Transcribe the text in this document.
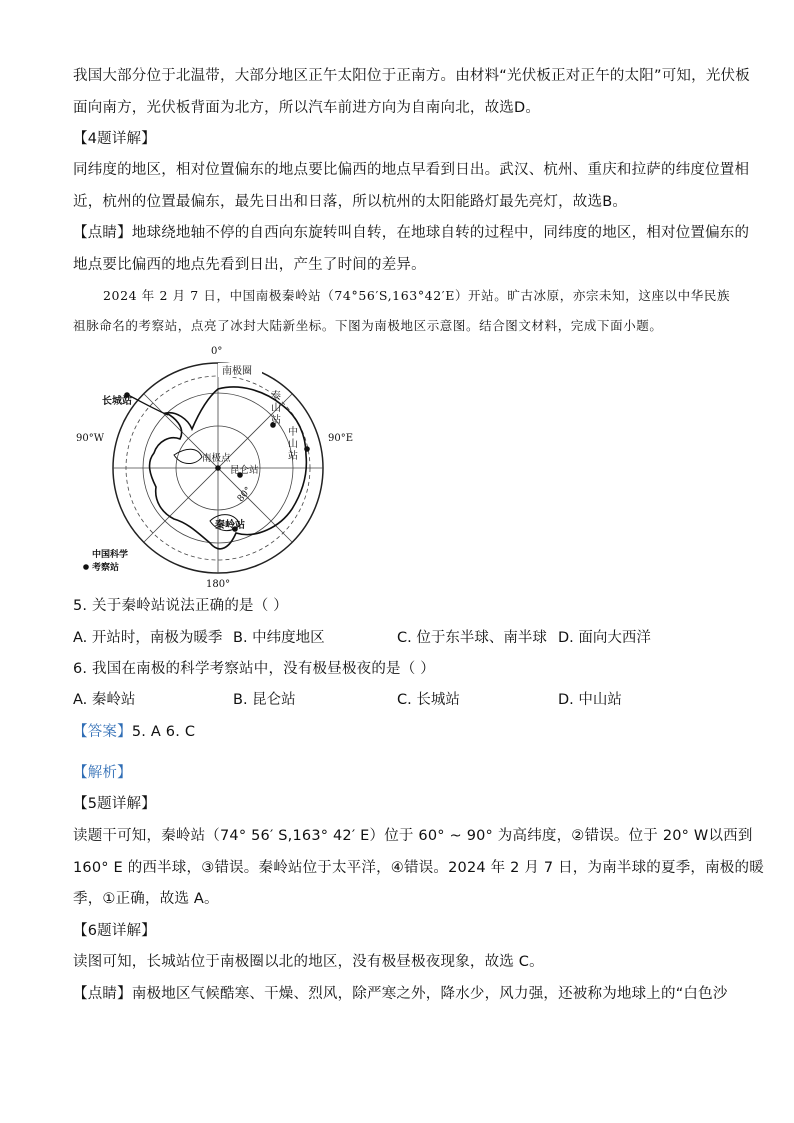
我国大部分位于北温带，大部分地区正午太阳位于正南方。由材料“光伏板正对正午的太阳”可知，光伏板
面向南方，光伏板背面为北方，所以汽车前进方向为自南向北，故选D。
【4题详解】
同纬度的地区，相对位置偏东的地点要比偏西的地点早看到日出。武汉、杭州、重庆和拉萨的纬度位置相
近，杭州的位置最偏东，最先日出和日落，所以杭州的太阳能路灯最先亮灯，故选B。
【点睛】地球绕地轴不停的自西向东旋转叫自转，在地球自转的过程中，同纬度的地区，相对位置偏东的
地点要比偏西的地点先看到日出，产生了时间的差异。
2024 年 2 月 7 日，中国南极秦岭站（74°56′S,163°42′E）开站。旷古冰原，亦宗未知，这座以中华民族
祖脉命名的考察站，点亮了冰封大陆新坐标。下图为南极地区示意图。结合图文材料，完成下面小题。
0°
180°
90°W	90°E
南极圈
长城站	泰
山
站
中
山
站
南极点
昆仑站
80°
秦岭站
中国科学
考察站
5. 关于秦岭站说法正确的是（ ）
A. 开站时，南极为暖季 B. 中纬度地区	C. 位于东半球、南半球 D. 面向大西洋
6. 我国在南极的科学考察站中，没有极昼极夜的是（ ）
A. 秦岭站	B. 昆仑站	C. 长城站	D. 中山站
【答案】5. A 6. C
【解析】
【5题详解】
读题干可知，秦岭站（74° 56′ S,163° 42′ E）位于 60° ~ 90° 为高纬度，②错误。位于 20° W以西到
160° E 的西半球，③错误。秦岭站位于太平洋，④错误。2024 年 2 月 7 日，为南半球的夏季，南极的暖
季，①正确，故选 A。
【6题详解】
读图可知，长城站位于南极圈以北的地区，没有极昼极夜现象，故选 C。
【点睛】南极地区气候酷寒、干燥、烈风，除严寒之外，降水少，风力强，还被称为地球上的“白色沙
